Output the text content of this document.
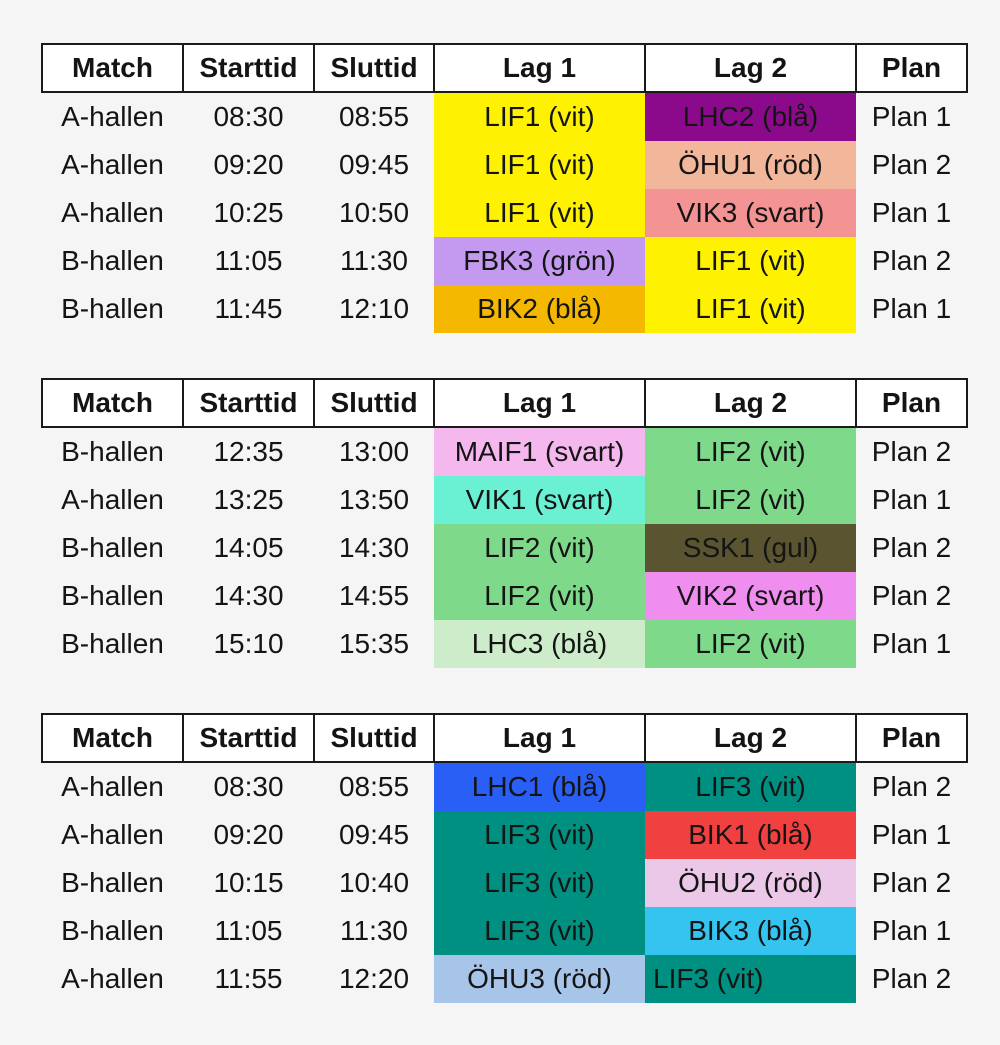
Match	Starttid	Sluttid	Lag 1	Lag 2	Plan
A-hallen	08:30	08:55	LIF1 (vit)	LHC2 (blå)	Plan 1
A-hallen	09:20	09:45	LIF1 (vit)	ÖHU1 (röd)	Plan 2
A-hallen	10:25	10:50	LIF1 (vit)	VIK3 (svart)	Plan 1
B-hallen	11:05	11:30	FBK3 (grön)	LIF1 (vit)	Plan 2
B-hallen	11:45	12:10	BIK2 (blå)	LIF1 (vit)	Plan 1
Match	Starttid	Sluttid	Lag 1	Lag 2	Plan
B-hallen	12:35	13:00	MAIF1 (svart)	LIF2 (vit)	Plan 2
A-hallen	13:25	13:50	VIK1 (svart)	LIF2 (vit)	Plan 1
B-hallen	14:05	14:30	LIF2 (vit)	SSK1 (gul)	Plan 2
B-hallen	14:30	14:55	LIF2 (vit)	VIK2 (svart)	Plan 2
B-hallen	15:10	15:35	LHC3 (blå)	LIF2 (vit)	Plan 1
Match	Starttid	Sluttid	Lag 1	Lag 2	Plan
A-hallen	08:30	08:55	LHC1 (blå)	LIF3 (vit)	Plan 2
A-hallen	09:20	09:45	LIF3 (vit)	BIK1 (blå)	Plan 1
B-hallen	10:15	10:40	LIF3 (vit)	ÖHU2 (röd)	Plan 2
B-hallen	11:05	11:30	LIF3 (vit)	BIK3 (blå)	Plan 1
A-hallen	11:55	12:20	ÖHU3 (röd)	LIF3 (vit)	Plan 2
